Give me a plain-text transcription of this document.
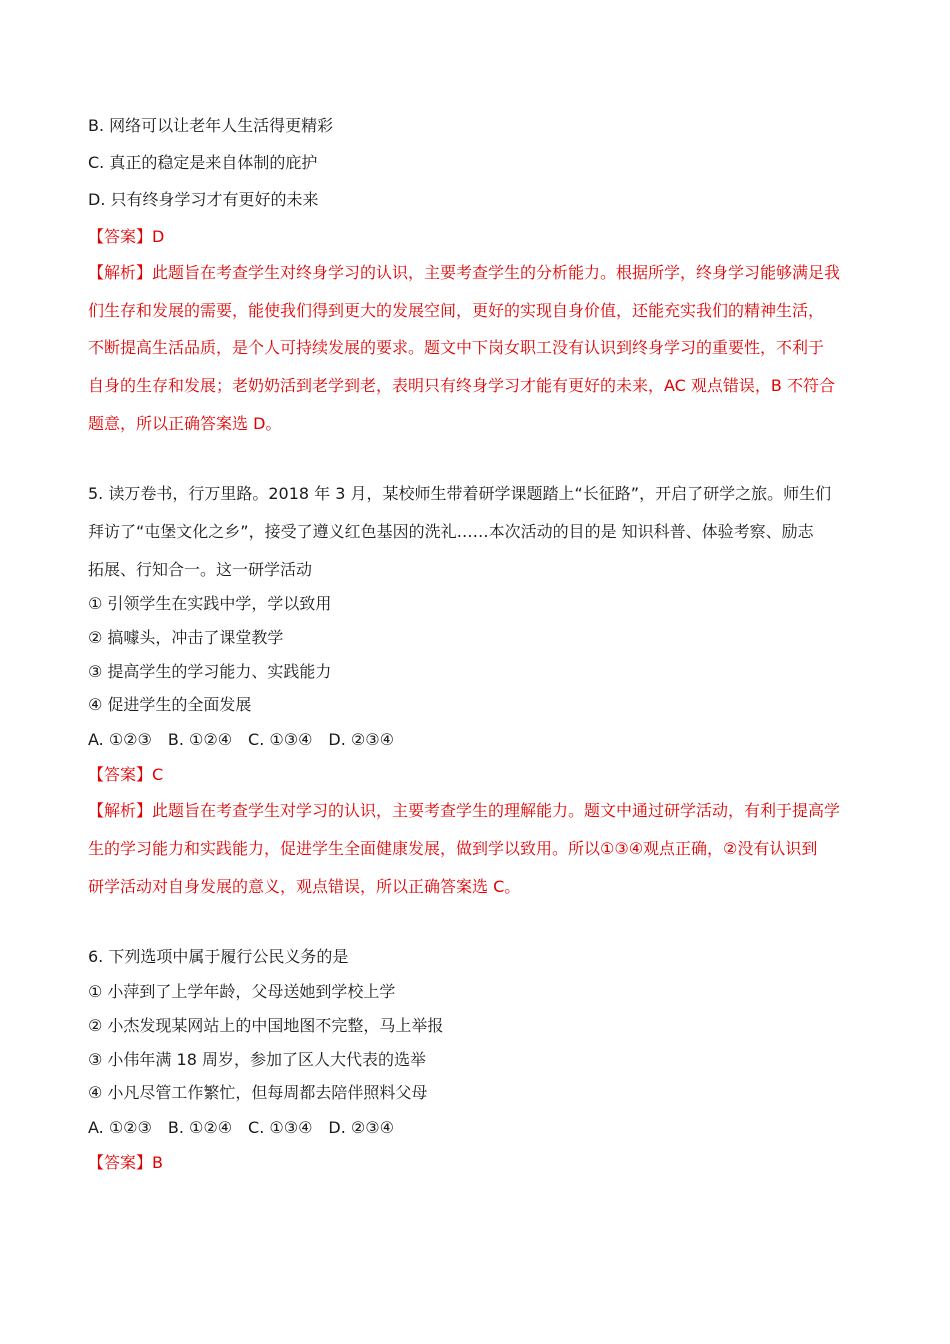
B. 网络可以让老年人生活得更精彩

C. 真正的稳定是来自体制的庇护

D. 只有终身学习才有更好的未来

【答案】D

【解析】此题旨在考查学生对终身学习的认识，主要考查学生的分析能力。根据所学，终身学习能够满足我

们生存和发展的需要，能使我们得到更大的发展空间，更好的实现自身价值，还能充实我们的精神生活，

不断提高生活品质，是个人可持续发展的要求。题文中下岗女职工没有认识到终身学习的重要性，不利于

自身的生存和发展；老奶奶活到老学到老，表明只有终身学习才能有更好的未来，AC 观点错误，B 不符合

题意，所以正确答案选 D。

5. 读万卷书，行万里路。2018 年 3 月，某校师生带着研学课题踏上“长征路”，开启了研学之旅。师生们

拜访了“屯堡文化之乡”，接受了遵义红色基因的洗礼……本次活动的目的是 知识科普、体验考察、励志

拓展、行知合一。这一研学活动

① 引领学生在实践中学，学以致用

② 搞噱头，冲击了课堂教学

③ 提高学生的学习能力、实践能力

④ 促进学生的全面发展

A. ①②③　B. ①②④　C. ①③④　D. ②③④

【答案】C

【解析】此题旨在考查学生对学习的认识，主要考查学生的理解能力。题文中通过研学活动，有利于提高学

生的学习能力和实践能力，促进学生全面健康发展，做到学以致用。所以①③④观点正确，②没有认识到

研学活动对自身发展的意义，观点错误，所以正确答案选 C。

6. 下列选项中属于履行公民义务的是

① 小萍到了上学年龄，父母送她到学校上学

② 小杰发现某网站上的中国地图不完整，马上举报

③ 小伟年满 18 周岁，参加了区人大代表的选举

④ 小凡尽管工作繁忙，但每周都去陪伴照料父母

A. ①②③　B. ①②④　C. ①③④　D. ②③④

【答案】B
